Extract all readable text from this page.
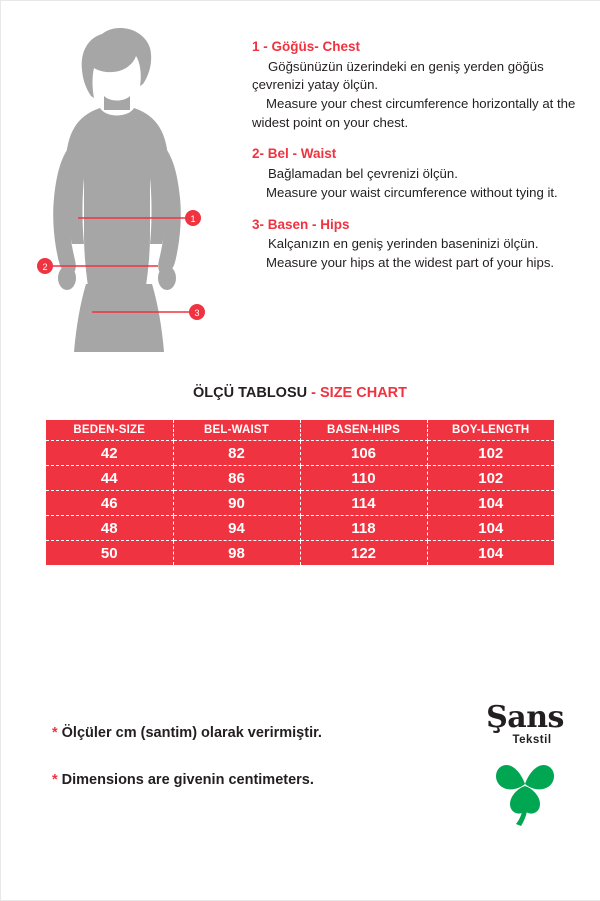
1
2
3

1 - Göğüs- Chest

Göğsünüzün üzerindeki en geniş yerden göğüs çevrenizi yatay ölçün.

Measure your chest circumference horizontally at the widest point on your chest.

2- Bel - Waist

Bağlamadan bel çevrenizi ölçün.

Measure your waist circumference without tying it.

3- Basen - Hips

Kalçanızın en geniş yerinden baseninizi ölçün.

Measure your hips at the widest part of your hips.

ÖLÇÜ TABLOSU - SIZE CHART
BEDEN-SIZE	BEL-WAIST	BASEN-HIPS	BOY-LENGTH
42	82	106	102
44	86	110	102
46	90	114	104
48	94	118	104
50	98	122	104
* Ölçüler cm (santim) olarak verirmiştir.
* Dimensions are givenin centimeters.
Şans
Tekstil
